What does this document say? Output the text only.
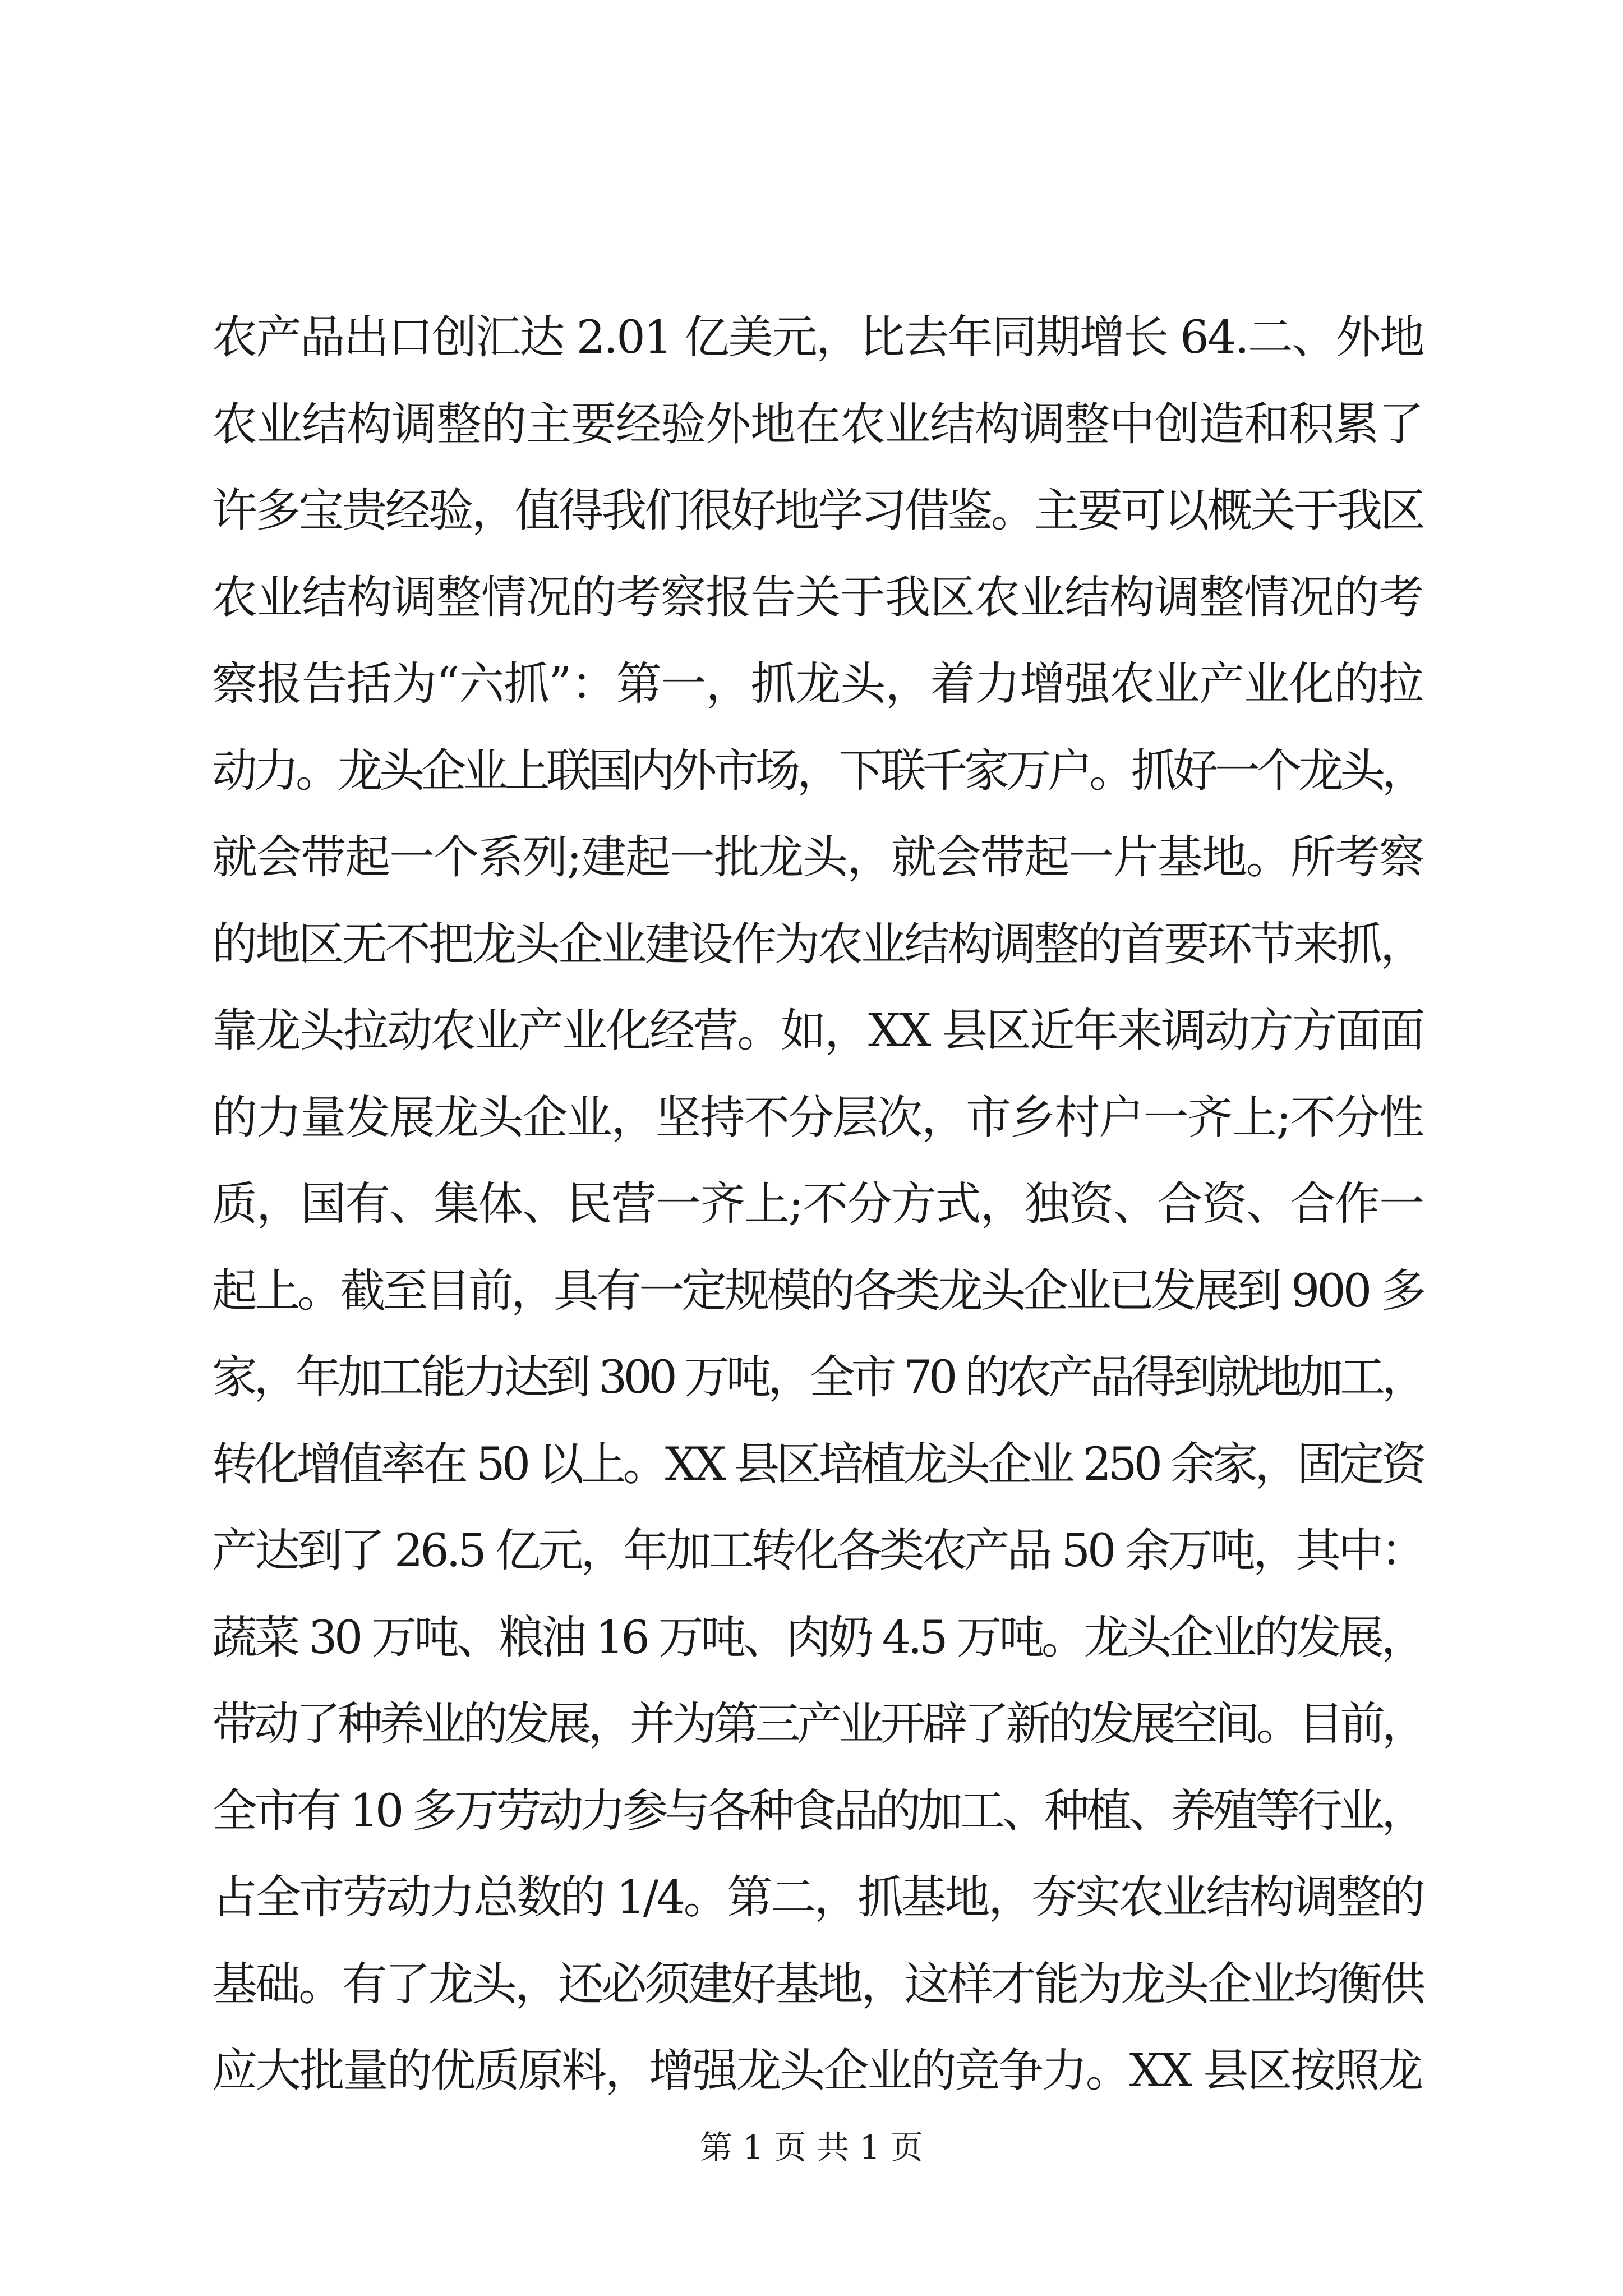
农产品出口创汇达 2.01 亿美元，比去年同期增长 64.二、外地
农业结构调整的主要经验外地在农业结构调整中创造和积累了
许多宝贵经验，值得我们很好地学习借鉴。主要可以概关于我区
农业结构调整情况的考察报告关于我区农业结构调整情况的考
察报告括为“六抓”：第一，抓龙头，着力增强农业产业化的拉
动力。龙头企业上联国内外市场，下联千家万户。抓好一个龙头，
就会带起一个系列;建起一批龙头，就会带起一片基地。所考察
的地区无不把龙头企业建设作为农业结构调整的首要环节来抓，
靠龙头拉动农业产业化经营。如，XX 县区近年来调动方方面面
的力量发展龙头企业，坚持不分层次，市乡村户一齐上;不分性
质，国有、集体、民营一齐上;不分方式，独资、合资、合作一
起上。截至目前，具有一定规模的各类龙头企业已发展到 900 多
家，年加工能力达到 300 万吨，全市 70 的农产品得到就地加工，
转化增值率在 50 以上。XX 县区培植龙头企业 250 余家，固定资
产达到了 26.5 亿元，年加工转化各类农产品 50 余万吨，其中：
蔬菜 30 万吨、粮油 16 万吨、肉奶 4.5 万吨。龙头企业的发展，
带动了种养业的发展，并为第三产业开辟了新的发展空间。目前，
全市有 10 多万劳动力参与各种食品的加工、种植、养殖等行业，
占全市劳动力总数的 1/4。第二，抓基地，夯实农业结构调整的
基础。有了龙头，还必须建好基地，这样才能为龙头企业均衡供
应大批量的优质原料，增强龙头企业的竞争力。XX 县区按照龙
第 1 页 共 1 页
